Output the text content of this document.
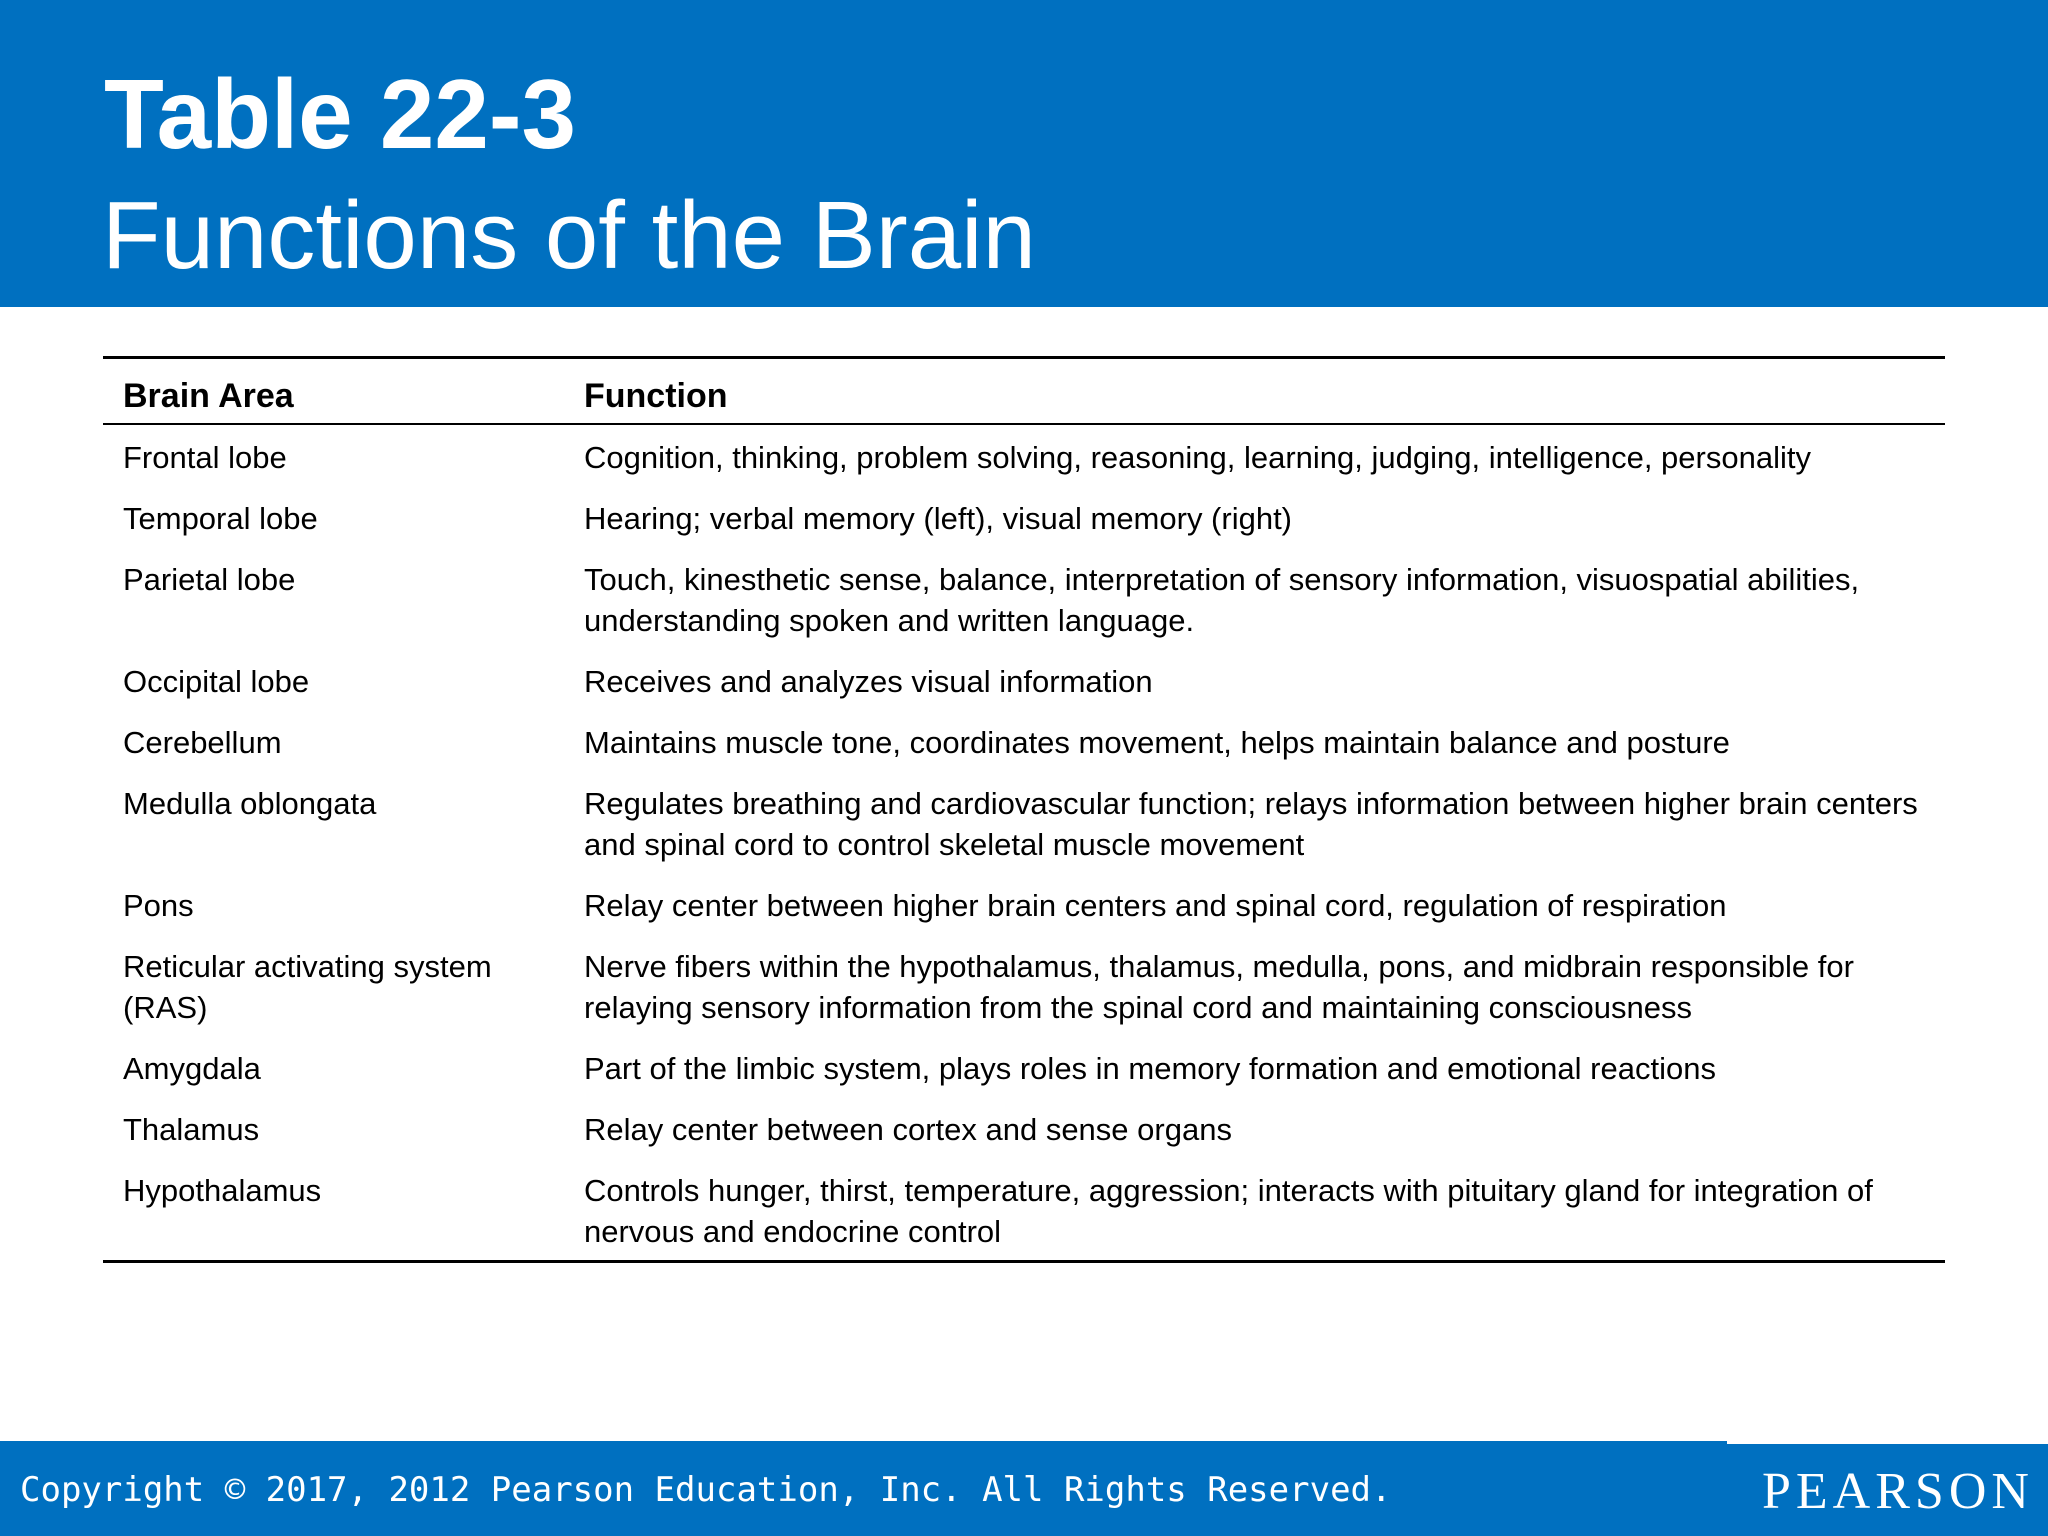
Table 22-3
Functions of the Brain
Brain Area	Function
Frontal lobe	Cognition, thinking, problem solving, reasoning, learning, judging, intelligence, personality
Temporal lobe	Hearing; verbal memory (left), visual memory (right)
Parietal lobe	Touch, kinesthetic sense, balance, interpretation of sensory information, visuospatial abilities, understanding spoken and written language.
Occipital lobe	Receives and analyzes visual information
Cerebellum	Maintains muscle tone, coordinates movement, helps maintain balance and posture
Medulla oblongata	Regulates breathing and cardiovascular function; relays information between higher brain centers and spinal cord to control skeletal muscle movement
Pons	Relay center between higher brain centers and spinal cord, regulation of respiration
Reticular activating system (RAS)	Nerve fibers within the hypothalamus, thalamus, medulla, pons, and midbrain responsible for relaying sensory information from the spinal cord and maintaining consciousness
Amygdala	Part of the limbic system, plays roles in memory formation and emotional reactions
Thalamus	Relay center between cortex and sense organs
Hypothalamus	Controls hunger, thirst, temperature, aggression; interacts with pituitary gland for integration of nervous and endocrine control
Copyright © 2017, 2012 Pearson Education, Inc. All Rights Reserved.	PEARSON
